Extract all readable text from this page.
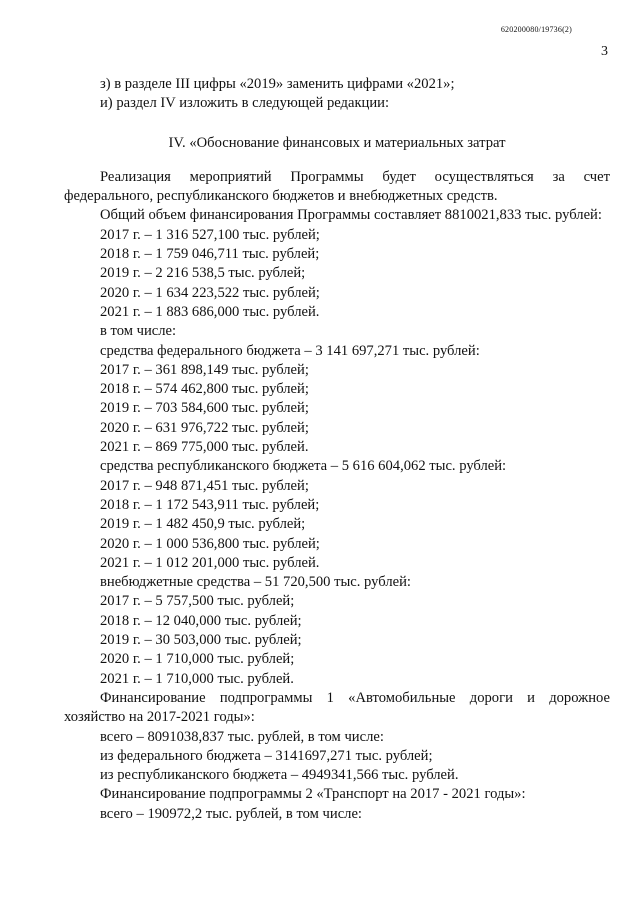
620200080/19736(2)
3
з) в разделе III цифры «2019» заменить цифрами «2021»;
и) раздел IV изложить в следующей редакции:
IV. «Обоснование финансовых и материальных затрат
Реализация мероприятий Программы будет осуществляться за счет федерального, республиканского бюджетов и внебюджетных средств.
Общий объем финансирования Программы составляет 8810021,833 тыс. рублей:
2017 г. – 1 316 527,100 тыс. рублей;
2018 г. – 1 759 046,711 тыс. рублей;
2019 г. – 2 216 538,5 тыс. рублей;
2020 г. – 1 634 223,522 тыс. рублей;
2021 г. – 1 883 686,000 тыс. рублей.
в том числе:
средства федерального бюджета – 3 141 697,271 тыс. рублей:
2017 г. – 361 898,149 тыс. рублей;
2018 г. – 574 462,800 тыс. рублей;
2019 г. – 703 584,600 тыс. рублей;
2020 г. – 631 976,722 тыс. рублей;
2021 г. – 869 775,000 тыс. рублей.
средства республиканского бюджета – 5 616 604,062 тыс. рублей:
2017 г. – 948 871,451 тыс. рублей;
2018 г. – 1 172 543,911 тыс. рублей;
2019 г. – 1 482 450,9 тыс. рублей;
2020 г. – 1 000 536,800 тыс. рублей;
2021 г. – 1 012 201,000 тыс. рублей.
внебюджетные средства – 51 720,500 тыс. рублей:
2017 г. – 5 757,500 тыс. рублей;
2018 г. – 12 040,000 тыс. рублей;
2019 г. – 30 503,000 тыс. рублей;
2020 г. – 1 710,000 тыс. рублей;
2021 г. – 1 710,000 тыс. рублей.
Финансирование подпрограммы 1 «Автомобильные дороги и дорожное хозяйство на 2017-2021 годы»:
всего – 8091038,837 тыс. рублей, в том числе:
из федерального бюджета – 3141697,271 тыс. рублей;
из республиканского бюджета – 4949341,566 тыс. рублей.
Финансирование подпрограммы 2 «Транспорт на 2017 - 2021 годы»:
всего – 190972,2 тыс. рублей, в том числе:
